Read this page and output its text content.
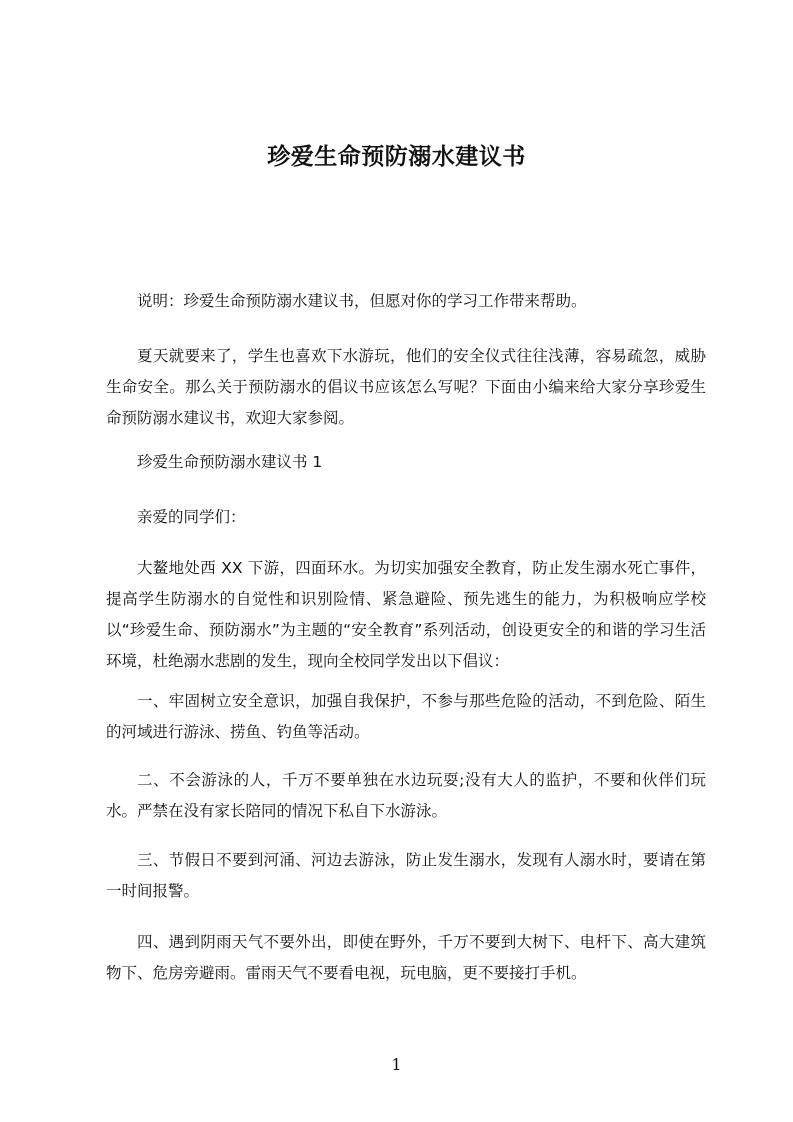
珍爱生命预防溺水建议书

说明：珍爱生命预防溺水建议书，但愿对你的学习工作带来帮助。

夏天就要来了，学生也喜欢下水游玩，他们的安全仪式往往浅薄，容易疏忽，威胁生命安全。那么关于预防溺水的倡议书应该怎么写呢？下面由小编来给大家分享珍爱生命预防溺水建议书，欢迎大家参阅。

珍爱生命预防溺水建议书 1

亲爱的同学们：

大鳌地处西 XX 下游，四面环水。为切实加强安全教育，防止发生溺水死亡事件，提高学生防溺水的自觉性和识别险情、紧急避险、预先逃生的能力，为积极响应学校以“珍爱生命、预防溺水”为主题的“安全教育”系列活动，创设更安全的和谐的学习生活环境，杜绝溺水悲剧的发生，现向全校同学发出以下倡议：

一、牢固树立安全意识，加强自我保护，不参与那些危险的活动，不到危险、陌生的河域进行游泳、捞鱼、钓鱼等活动。

二、不会游泳的人，千万不要单独在水边玩耍;没有大人的监护，不要和伙伴们玩水。严禁在没有家长陪同的情况下私自下水游泳。

三、节假日不要到河涌、河边去游泳，防止发生溺水，发现有人溺水时，要请在第一时间报警。

四、遇到阴雨天气不要外出，即使在野外，千万不要到大树下、电杆下、高大建筑物下、危房旁避雨。雷雨天气不要看电视，玩电脑，更不要接打手机。

1
